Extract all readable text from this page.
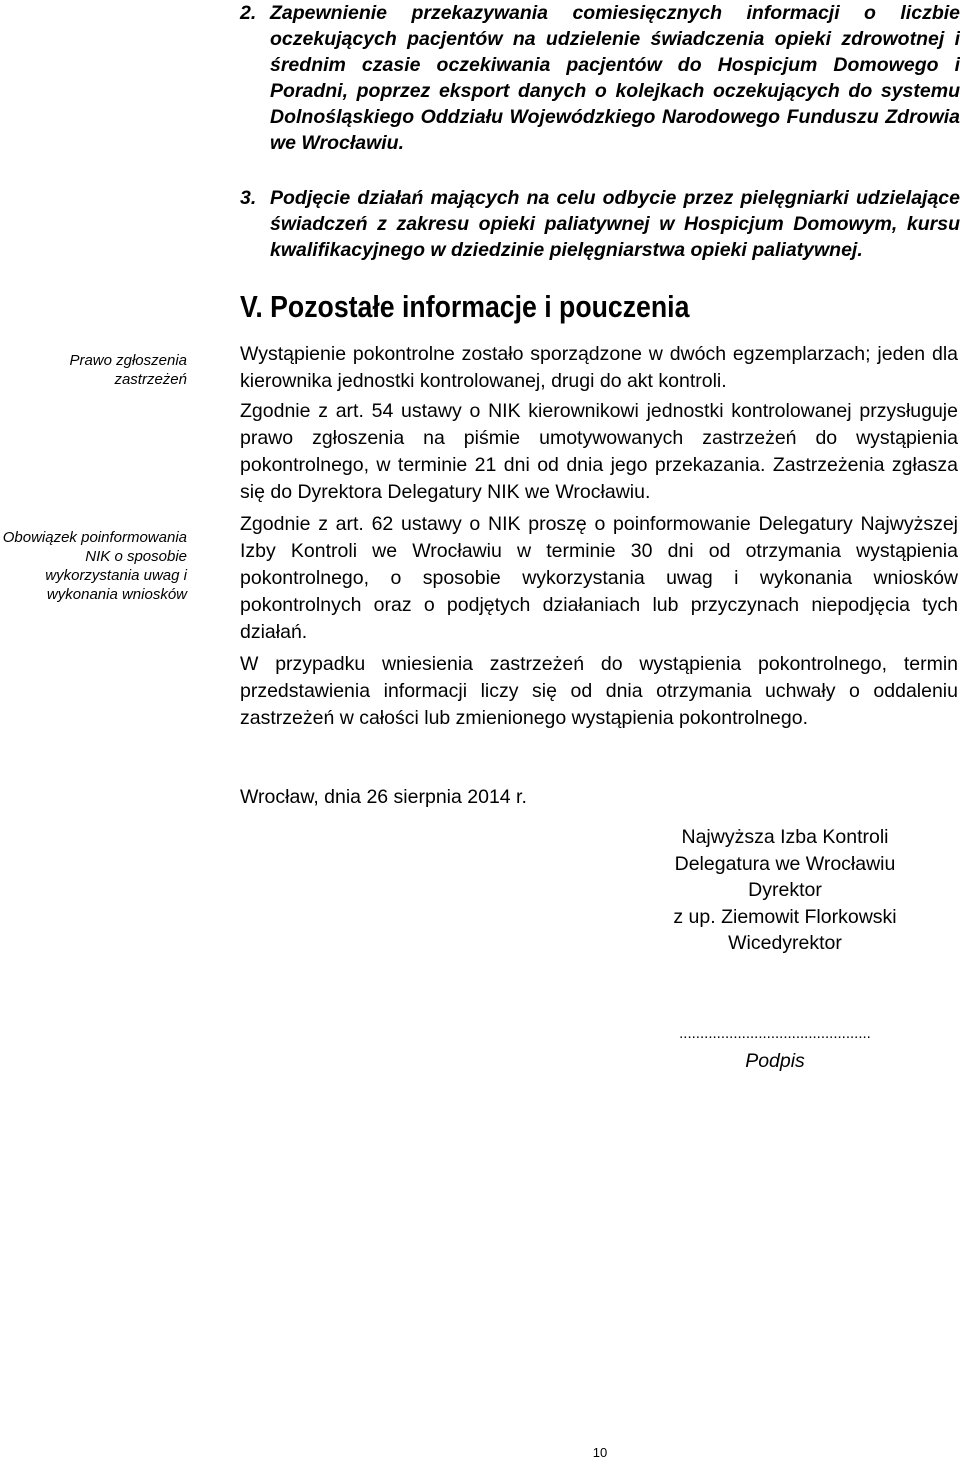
2. Zapewnienie przekazywania comiesięcznych informacji o liczbie oczekujących pacjentów na udzielenie świadczenia opieki zdrowotnej i średnim czasie oczekiwania pacjentów do Hospicjum Domowego i Poradni, poprzez eksport danych o kolejkach oczekujących do systemu Dolnośląskiego Oddziału Wojewódzkiego Narodowego Funduszu Zdrowia we Wrocławiu.
3. Podjęcie działań mających na celu odbycie przez pielęgniarki udzielające świadczeń z zakresu opieki paliatywnej w Hospicjum Domowym, kursu kwalifikacyjnego w dziedzinie pielęgniarstwa opieki paliatywnej.
V. Pozostałe informacje i pouczenia
Prawo zgłoszenia zastrzeżeń
Obowiązek poinformowania NIK o sposobie wykorzystania uwag i wykonania wniosków
Wystąpienie pokontrolne zostało sporządzone w dwóch egzemplarzach; jeden dla kierownika jednostki kontrolowanej, drugi do akt kontroli.
Zgodnie z art. 54 ustawy o NIK kierownikowi jednostki kontrolowanej przysługuje prawo zgłoszenia na piśmie umotywowanych zastrzeżeń do wystąpienia pokontrolnego, w terminie 21 dni od dnia jego przekazania. Zastrzeżenia zgłasza się do Dyrektora Delegatury NIK we Wrocławiu.
Zgodnie z art. 62 ustawy o NIK proszę o poinformowanie Delegatury Najwyższej Izby Kontroli we Wrocławiu w terminie 30 dni od otrzymania wystąpienia pokontrolnego, o sposobie wykorzystania uwag i wykonania wniosków pokontrolnych oraz o podjętych działaniach lub przyczynach niepodjęcia tych działań.
W przypadku wniesienia zastrzeżeń do wystąpienia pokontrolnego, termin przedstawienia informacji liczy się od dnia otrzymania uchwały o oddaleniu zastrzeżeń w całości lub zmienionego wystąpienia pokontrolnego.
Wrocław, dnia 26 sierpnia 2014 r.
Najwyższa Izba Kontroli
Delegatura we Wrocławiu
Dyrektor
z up. Ziemowit Florkowski
Wicedyrektor
..............................................
Podpis
10
